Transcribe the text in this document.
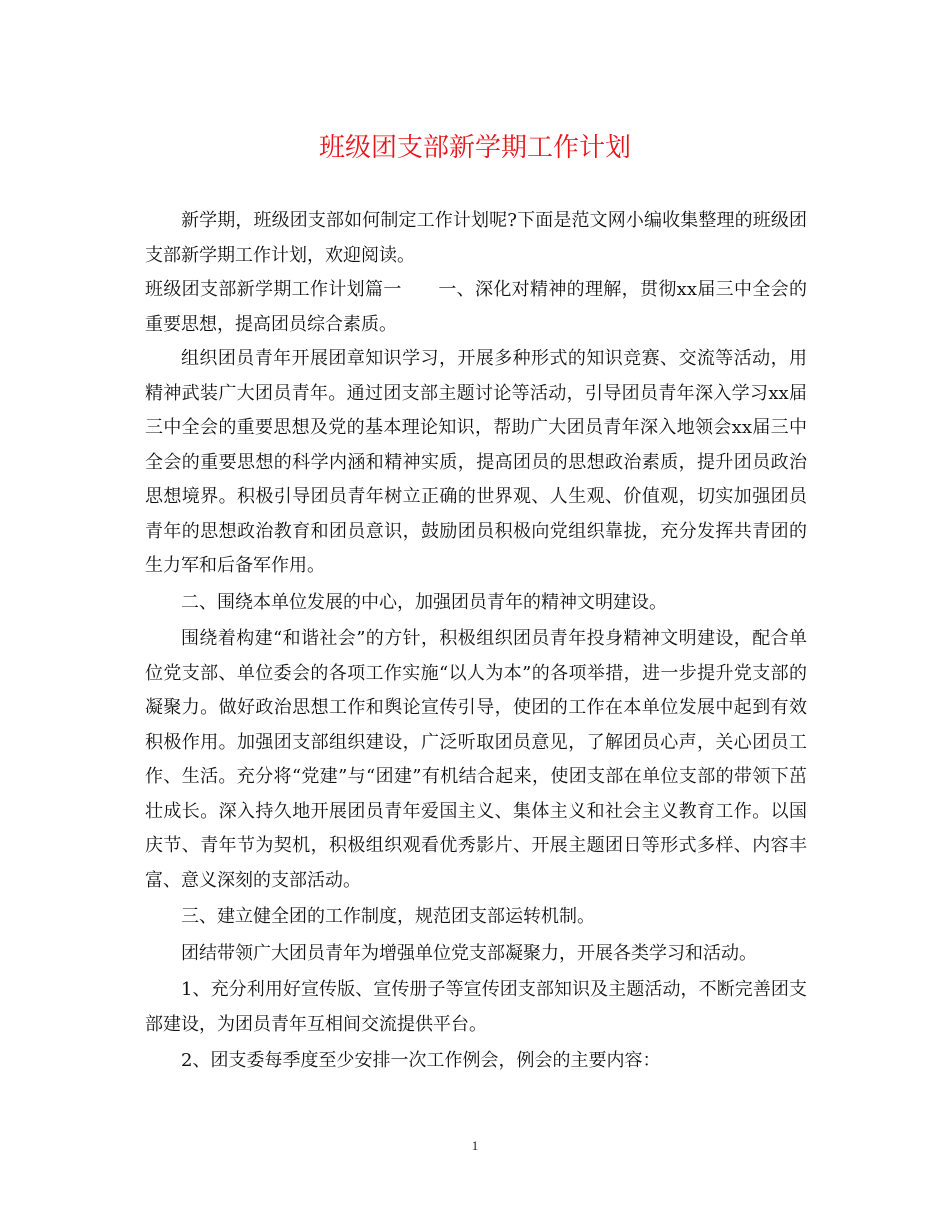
班级团支部新学期工作计划

新学期，班级团支部如何制定工作计划呢?下面是范文网小编收集整理的班级团支部新学期工作计划，欢迎阅读。

班级团支部新学期工作计划篇一　　一、深化对精神的理解，贯彻xx届三中全会的重要思想，提高团员综合素质。

组织团员青年开展团章知识学习，开展多种形式的知识竞赛、交流等活动，用精神武装广大团员青年。通过团支部主题讨论等活动，引导团员青年深入学习xx届三中全会的重要思想及党的基本理论知识，帮助广大团员青年深入地领会xx届三中全会的重要思想的科学内涵和精神实质，提高团员的思想政治素质，提升团员政治思想境界。积极引导团员青年树立正确的世界观、人生观、价值观，切实加强团员青年的思想政治教育和团员意识，鼓励团员积极向党组织靠拢，充分发挥共青团的生力军和后备军作用。

二、围绕本单位发展的中心，加强团员青年的精神文明建设。

围绕着构建“和谐社会”的方针，积极组织团员青年投身精神文明建设，配合单位党支部、单位委会的各项工作实施“以人为本”的各项举措，进一步提升党支部的凝聚力。做好政治思想工作和舆论宣传引导，使团的工作在本单位发展中起到有效积极作用。加强团支部组织建设，广泛听取团员意见，了解团员心声，关心团员工作、生活。充分将“党建”与“团建”有机结合起来，使团支部在单位支部的带领下茁壮成长。深入持久地开展团员青年爱国主义、集体主义和社会主义教育工作。以国庆节、青年节为契机，积极组织观看优秀影片、开展主题团日等形式多样、内容丰富、意义深刻的支部活动。

三、建立健全团的工作制度，规范团支部运转机制。

团结带领广大团员青年为增强单位党支部凝聚力，开展各类学习和活动。

1、充分利用好宣传版、宣传册子等宣传团支部知识及主题活动，不断完善团支部建设，为团员青年互相间交流提供平台。

2、团支委每季度至少安排一次工作例会，例会的主要内容：

1
